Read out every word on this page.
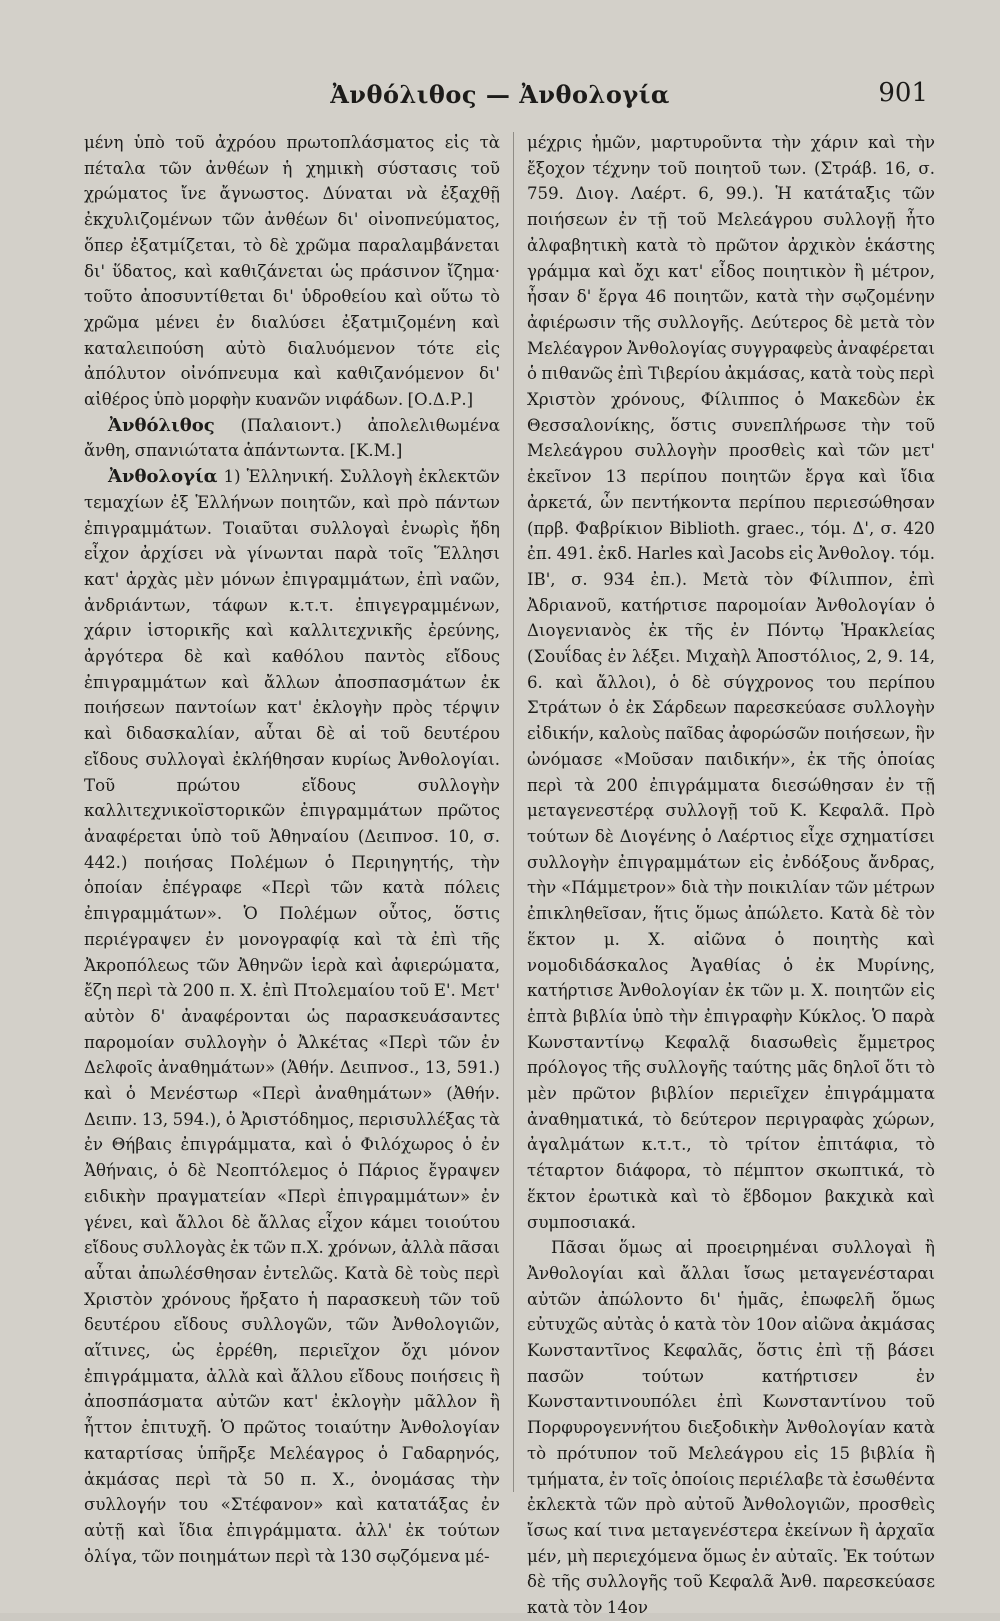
Ἀνθόλιθος — Ἀνθολογία	901

μένη ὑπὸ τοῦ ἀχρόου πρωτοπλάσματος εἰς τὰ πέταλα τῶν ἀνθέων ἡ χημικὴ σύστασις τοῦ χρώματος ἴνε ἄγνωστος. Δύναται νὰ ἐξαχθῇ ἐκχυλιζομένων τῶν ἀνθέων δι' οἰνοπνεύματος, ὅπερ ἐξατμίζεται, τὸ δὲ χρῶμα παραλαμβάνεται δι' ὕδατος, καὶ καθιζάνεται ὡς πράσινον ἴζημα· τοῦτο ἀποσυντίθεται δι' ὑδροθείου καὶ οὕτω τὸ χρῶμα μένει ἐν διαλύσει ἐξατμιζομένη καὶ καταλειπούση αὐτὸ διαλυόμενον τότε εἰς ἀπόλυτον οἰνόπνευμα καὶ καθιζανόμενον δι' αἰθέρος ὑπὸ μορφὴν κυανῶν νιφάδων. [Ο.Δ.Ρ.]

Ἀνθόλιθος (Παλαιοντ.) ἀπολελιθωμένα ἄνθη, σπανιώτατα ἁπάντωντα. [Κ.Μ.]

Ἀνθολογία 1) Ἑλληνική. Συλλογὴ ἐκλεκτῶν τεμαχίων ἐξ Ἑλλήνων ποιητῶν, καὶ πρὸ πάντων ἐπιγραμμάτων. Τοιαῦται συλλογαὶ ἐνωρὶς ἤδη εἶχον ἀρχίσει νὰ γίνωνται παρὰ τοῖς Ἕλλησι κατ' ἀρχὰς μὲν μόνων ἐπιγραμμάτων, ἐπὶ ναῶν, ἀνδριάντων, τάφων κ.τ.τ. ἐπιγεγραμμένων, χάριν ἱστορικῆς καὶ καλλιτεχνικῆς ἐρεύνης, ἀργότερα δὲ καὶ καθόλου παντὸς εἴδους ἐπιγραμμάτων καὶ ἄλλων ἀποσπασμάτων ἐκ ποιήσεων παντοίων κατ' ἐκλογὴν πρὸς τέρψιν καὶ διδασκαλίαν, αὗται δὲ αἱ τοῦ δευτέρου εἴδους συλλογαὶ ἐκλήθησαν κυρίως Ἀνθολογίαι. Τοῦ πρώτου εἴδους συλλογὴν καλλιτεχνικοϊστορικῶν ἐπιγραμμάτων πρῶτος ἀναφέρεται ὑπὸ τοῦ Ἀθηναίου (Δειπνοσ. 10, σ. 442.) ποιήσας Πολέμων ὁ Περιηγητής, τὴν ὁποίαν ἐπέγραφε «Περὶ τῶν κατὰ πόλεις ἐπιγραμμάτων». Ὁ Πολέμων οὗτος, ὅστις περιέγραψεν ἐν μονογραφίᾳ καὶ τὰ ἐπὶ τῆς Ἀκροπόλεως τῶν Ἀθηνῶν ἱερὰ καὶ ἀφιερώματα, ἔζη περὶ τὰ 200 π. Χ. ἐπὶ Πτολεμαίου τοῦ Ε'. Μετ' αὐτὸν δ' ἀναφέρονται ὡς παρασκευάσαντες παρομοίαν συλλογὴν ὁ Ἀλκέτας «Περὶ τῶν ἐν Δελφοῖς ἀναθημάτων» (Ἀθήν. Δειπνοσ., 13, 591.) καὶ ὁ Μενέστωρ «Περὶ ἀναθημάτων» (Ἀθήν. Δειπν. 13, 594.), ὁ Ἀριστόδημος, περισυλλέξας τὰ ἐν Θήβαις ἐπιγράμματα, καὶ ὁ Φιλόχωρος ὁ ἐν Ἀθήναις, ὁ δὲ Νεοπτόλεμος ὁ Πάριος ἔγραψεν ειδικὴν πραγματείαν «Περὶ ἐπιγραμμάτων» ἐν γένει, καὶ ἄλλοι δὲ ἄλλας εἶχον κάμει τοιούτου εἴδους συλλογὰς ἐκ τῶν π.Χ. χρόνων, ἀλλὰ πᾶσαι αὗται ἀπωλέσθησαν ἐντελῶς. Κατὰ δὲ τοὺς περὶ Χριστὸν χρόνους ἤρξατο ἡ παρασκευὴ τῶν τοῦ δευτέρου εἴδους συλλογῶν, τῶν Ἀνθολογιῶν, αἵτινες, ὡς ἐρρέθη, περιεῖχον ὄχι μόνον ἐπιγράμματα, ἀλλὰ καὶ ἄλλου εἴδους ποιήσεις ἢ ἀποσπάσματα αὐτῶν κατ' ἐκλογὴν μᾶλλον ἢ ἧττον ἐπιτυχῆ. Ὁ πρῶτος τοιαύτην Ἀνθολογίαν καταρτίσας ὑπῆρξε Μελέαγρος ὁ Γαδαρηνός, ἀκμάσας περὶ τὰ 50 π. Χ., ὀνομάσας τὴν συλλογήν του «Στέφανον» καὶ κατατάξας ἐν αὐτῇ καὶ ἴδια ἐπιγράμματα. ἀλλ' ἐκ τούτων ὀλίγα, τῶν ποιημάτων περὶ τὰ 130 σῳζόμενα μέ-

μέχρις ἡμῶν, μαρτυροῦντα τὴν χάριν καὶ τὴν ἔξοχον τέχνην τοῦ ποιητοῦ των. (Στράβ. 16, σ. 759. Διογ. Λαέρτ. 6, 99.). Ἡ κατάταξις τῶν ποιήσεων ἐν τῇ τοῦ Μελεάγρου συλλογῇ ἦτο ἀλφαβητικὴ κατὰ τὸ πρῶτον ἀρχικὸν ἑκάστης γράμμα καὶ ὄχι κατ' εἶδος ποιητικὸν ἢ μέτρον, ἦσαν δ' ἔργα 46 ποιητῶν, κατὰ τὴν σῳζομένην ἀφιέρωσιν τῆς συλλογῆς. Δεύτερος δὲ μετὰ τὸν Μελέαγρον Ἀνθολογίας συγγραφεὺς ἀναφέρεται ὁ πιθανῶς ἐπὶ Τιβερίου ἀκμάσας, κατὰ τοὺς περὶ Χριστὸν χρόνους, Φίλιππος ὁ Μακεδὼν ἐκ Θεσσαλονίκης, ὅστις συνεπλήρωσε τὴν τοῦ Μελεάγρου συλλογὴν προσθεὶς καὶ τῶν μετ' ἐκεῖνον 13 περίπου ποιητῶν ἔργα καὶ ἴδια ἀρκετά, ὧν πεντήκοντα περίπου περιεσώθησαν (πρβ. Φαβρίκιον Biblioth. graec., τόμ. Δ', σ. 420 ἐπ. 491. ἐκδ. Harles καὶ Jacobs εἰς Ἀνθολογ. τόμ. ΙΒ', σ. 934 ἐπ.). Μετὰ τὸν Φίλιππον, ἐπὶ Ἀδριανοῦ, κατήρτισε παρομοίαν Ἀνθολογίαν ὁ Διογενιανὸς ἐκ τῆς ἐν Πόντῳ Ἡρακλείας (Σουΐδας ἐν λέξει. Μιχαὴλ Ἀποστόλιος, 2, 9. 14, 6. καὶ ἄλλοι), ὁ δὲ σύγχρονος του περίπου Στράτων ὁ ἐκ Σάρδεων παρεσκεύασε συλλογὴν εἰδικήν, καλοὺς παῖδας ἀφορώσῶν ποιήσεων, ἣν ὠνόμασε «Μοῦσαν παιδικήν», ἐκ τῆς ὁποίας περὶ τὰ 200 ἐπιγράμματα διεσώθησαν ἐν τῇ μεταγενεστέρᾳ συλλογῇ τοῦ Κ. Κεφαλᾶ. Πρὸ τούτων δὲ Διογένης ὁ Λαέρτιος εἶχε σχηματίσει συλλογὴν ἐπιγραμμάτων εἰς ἐνδόξους ἄνδρας, τὴν «Πάμμετρον» διὰ τὴν ποικιλίαν τῶν μέτρων ἐπικληθεῖσαν, ἥτις ὅμως ἀπώλετο. Κατὰ δὲ τὸν ἕκτον μ. Χ. αἰῶνα ὁ ποιητὴς καὶ νομοδιδάσκαλος Ἀγαθίας ὁ ἐκ Μυρίνης, κατήρτισε Ἀνθολογίαν ἐκ τῶν μ. Χ. ποιητῶν εἰς ἑπτὰ βιβλία ὑπὸ τὴν ἐπιγραφὴν Κύκλος. Ὁ παρὰ Κωνσταντίνῳ Κεφαλᾷ διασωθεὶς ἔμμετρος πρόλογος τῆς συλλογῆς ταύτης μᾶς δηλοῖ ὅτι τὸ μὲν πρῶτον βιβλίον περιεῖχεν ἐπιγράμματα ἀναθηματικά, τὸ δεύτερον περιγραφὰς χώρων, ἀγαλμάτων κ.τ.τ., τὸ τρίτον ἐπιτάφια, τὸ τέταρτον διάφορα, τὸ πέμπτον σκωπτικά, τὸ ἕκτον ἐρωτικὰ καὶ τὸ ἕβδομον βακχικὰ καὶ συμποσιακά.

Πᾶσαι ὅμως αἱ προειρημέναι συλλογαὶ ἢ Ἀνθολογίαι καὶ ἄλλαι ἴσως μεταγενέσταραι αὐτῶν ἀπώλοντο δι' ἡμᾶς, ἐπωφελῆ ὅμως εὐτυχῶς αὐτὰς ὁ κατὰ τὸν 10ον αἰῶνα ἀκμάσας Κωνσταντῖνος Κεφαλᾶς, ὅστις ἐπὶ τῇ βάσει πασῶν τούτων κατήρτισεν ἐν Κωνσταντινουπόλει ἐπὶ Κωνσταντίνου τοῦ Πορφυρογεννήτου διεξοδικὴν Ἀνθολογίαν κατὰ τὸ πρότυπον τοῦ Μελεάγρου εἰς 15 βιβλία ἢ τμήματα, ἐν τοῖς ὁποίοις περιέλαβε τὰ ἐσωθέντα ἐκλεκτὰ τῶν πρὸ αὐτοῦ Ἀνθολογιῶν, προσθεὶς ἴσως καί τινα μεταγενέστερα ἐκείνων ἢ ἀρχαῖα μέν, μὴ περιεχόμενα ὅμως ἐν αὐταῖς. Ἐκ τούτων δὲ τῆς συλλογῆς τοῦ Κεφαλᾶ Ἀνθ. παρεσκεύασε κατὰ τὸν 14ον
